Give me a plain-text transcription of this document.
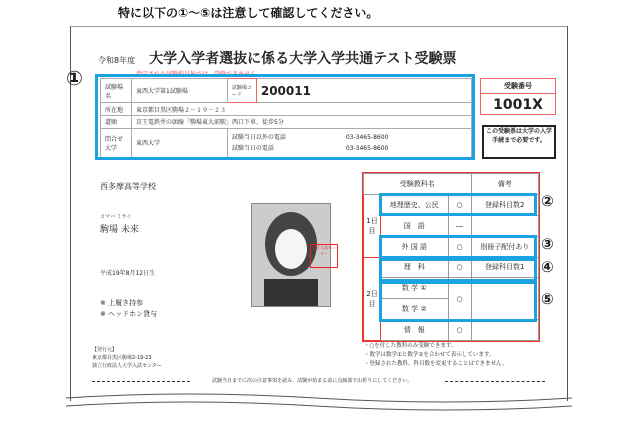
特に以下の①～⑤は注意して確認してください。
令和8年度　 大学入学者選抜に係る大学入学共通テスト受験票
指定された試験場以外では、受験できません。
①	試験場名	東西大学第1試験場	試験場コード	200011
所在地	東京都目黒区駒場２－１９－２３		
道順	京王電鉄井の頭線「駒場東大前駅」西口下車、徒歩5分		
問合せ大学	東西大学	試験当日以外の電話 03-3465-8600
試験当日の電話 03-3465-8600	
受験番号
1001X
この受験票は大学の入学手続まで必要です。
西多摩高等学校
コマバ ミライ
駒場 未来
平成19年8月12日生
※ 上履き持参
※ ヘッドホン貸与
大学入試センター
【発行元】
東京都目黒区駒場2-19-23
独立行政法人大学入試センター
試験当日までに次の注意事項を読み、試験が始まる前に点線部で山折りにしてください。
受験教科名			備考
1日目	地理歴史、公民	○	登録科目数2
	国　語	―	
	外 国 語	○	別冊子配付あり
2日目	理　科	○	登録科目数1
	数 学 ①	○	
	数 学 ②		
	情　報	○	
②
③
④
⑤
・○を付した教科のみ受験できます。
・数学は数学①と数学②を合わせて表示しています。
・登録された教科、科目数を変更することはできません。
